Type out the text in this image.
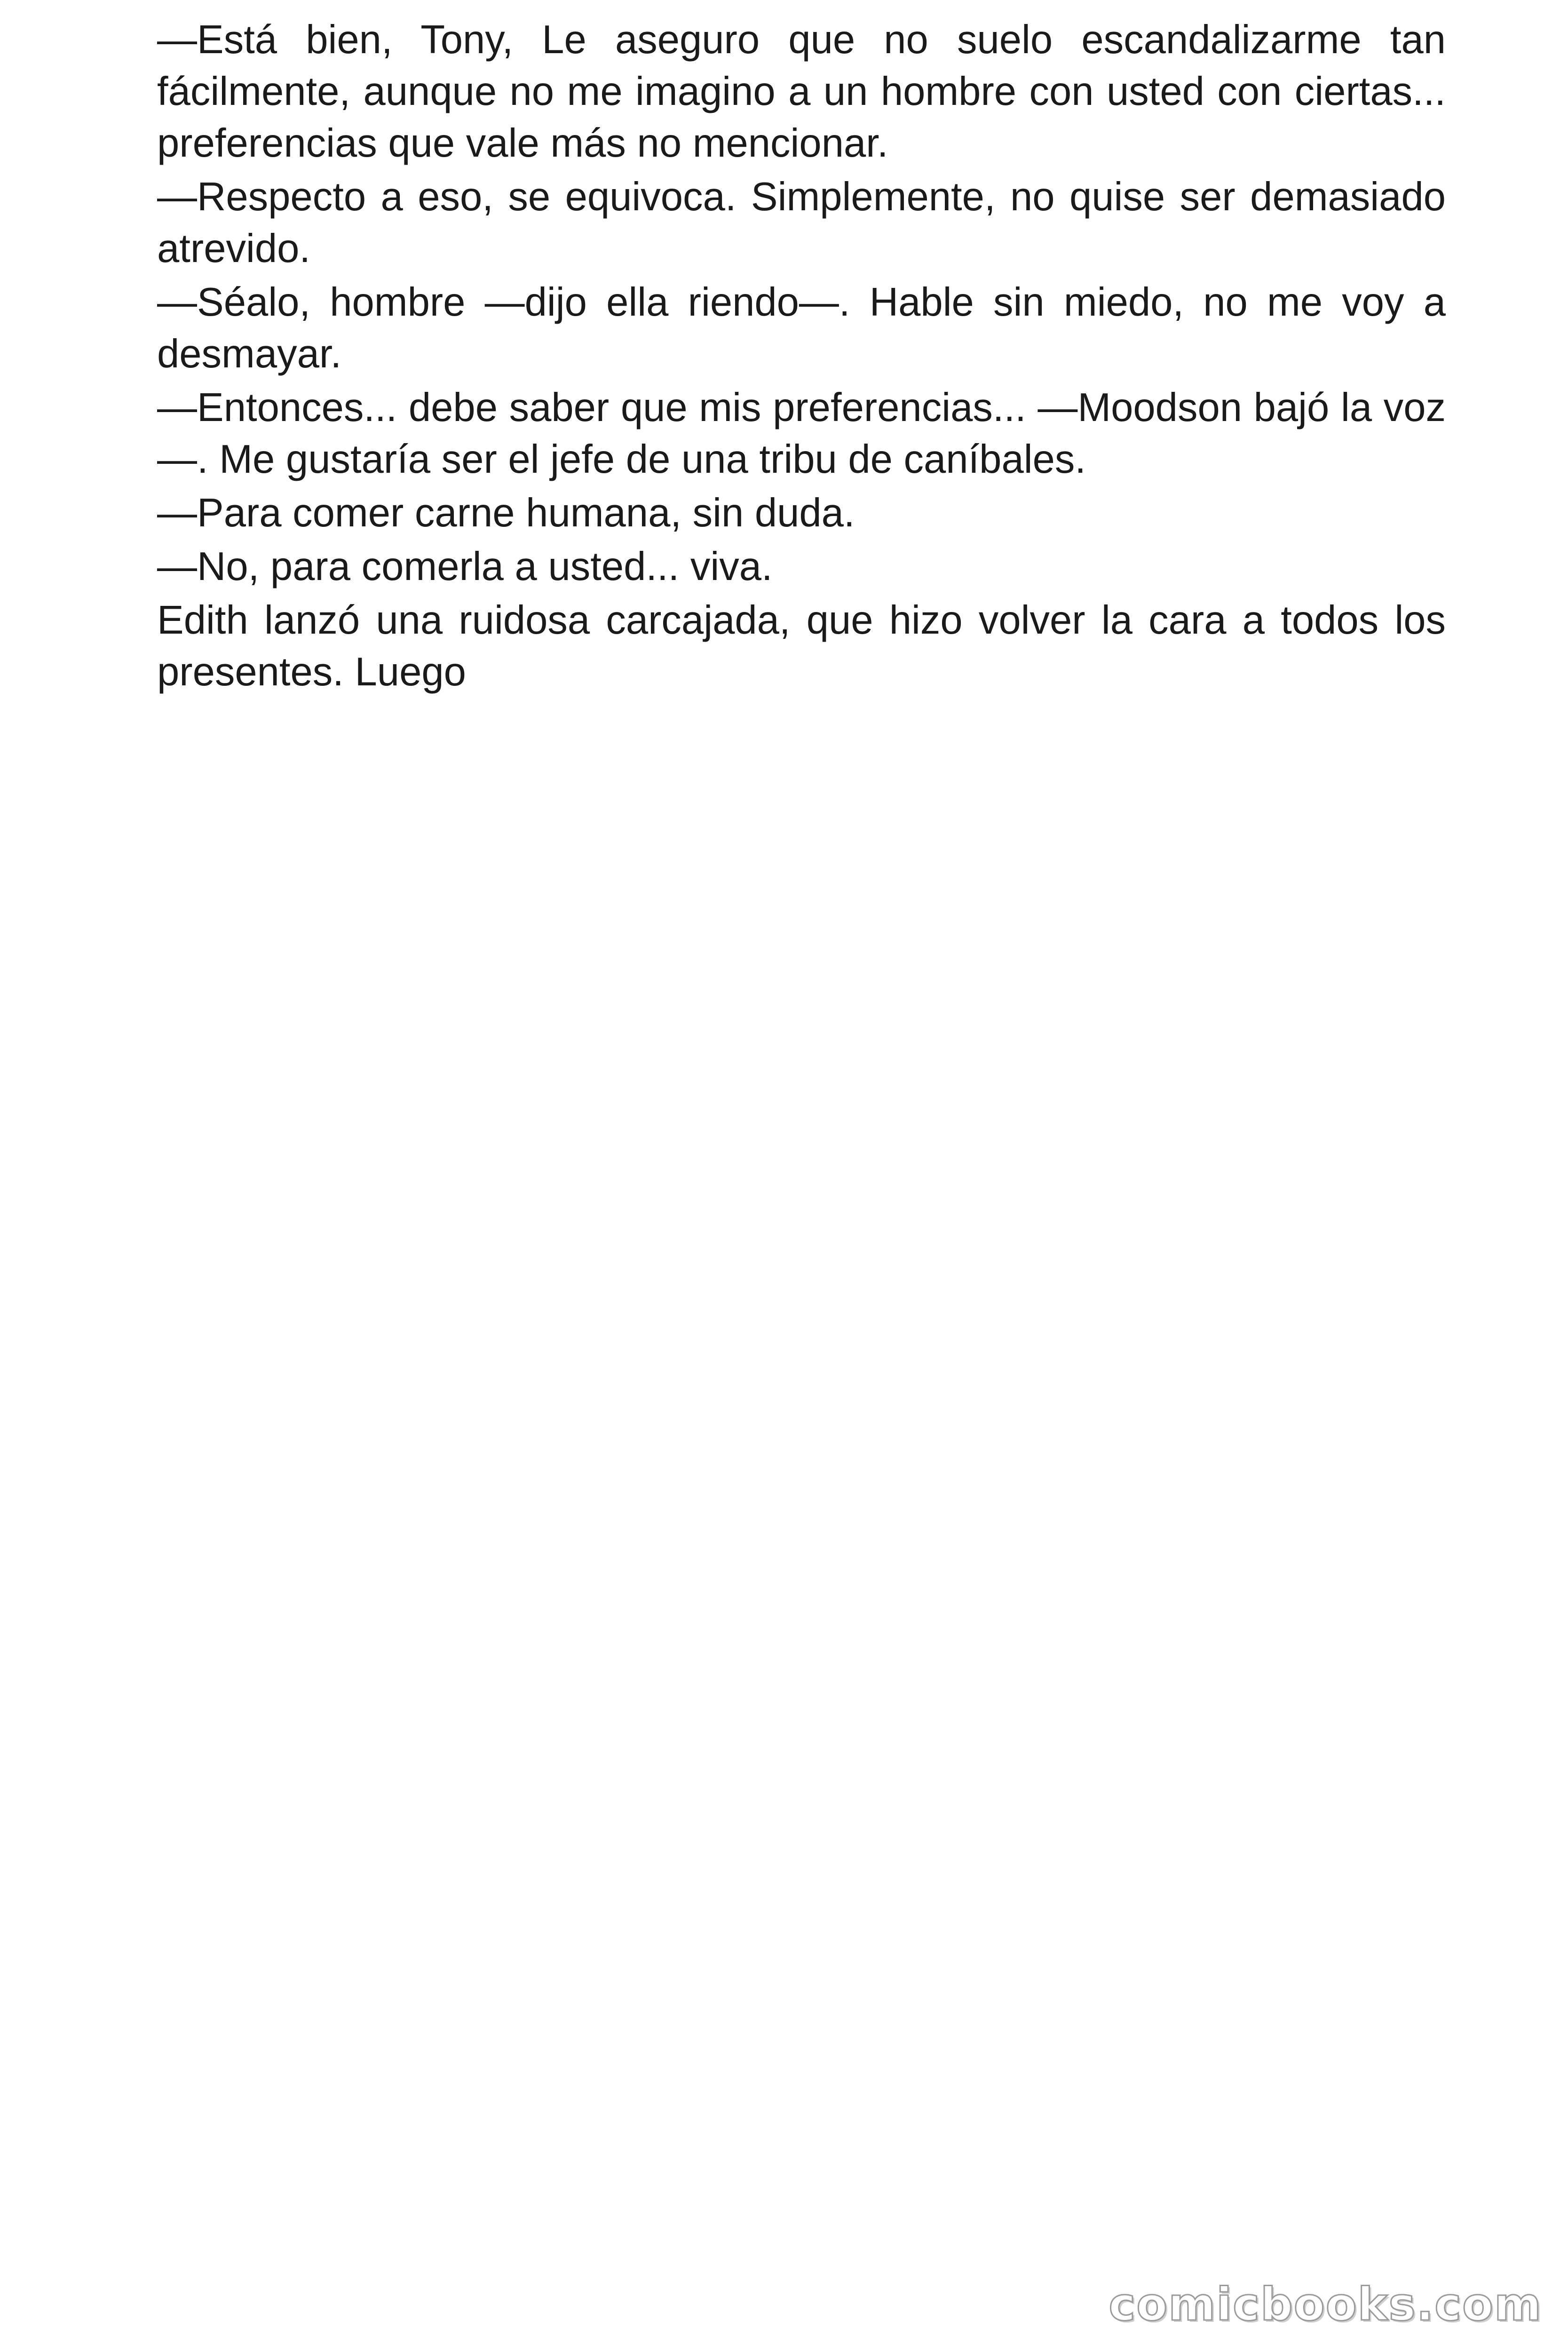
—Está bien, Tony, Le aseguro que no suelo escandalizarme tan fácilmente, aunque no me imagino a un hombre con usted con ciertas... preferencias que vale más no mencionar.

—Respecto a eso, se equivoca. Simplemente, no quise ser demasiado atrevido.

—Séalo, hombre —dijo ella riendo—. Hable sin miedo, no me voy a desmayar.

—Entonces... debe saber que mis preferencias... —Moodson bajó la voz—. Me gustaría ser el jefe de una tribu de caníbales.

—Para comer carne humana, sin duda.

—No, para comerla a usted... viva.

Edith lanzó una ruidosa carcajada, que hizo volver la cara a todos los presentes. Luego

comicbooks.com
